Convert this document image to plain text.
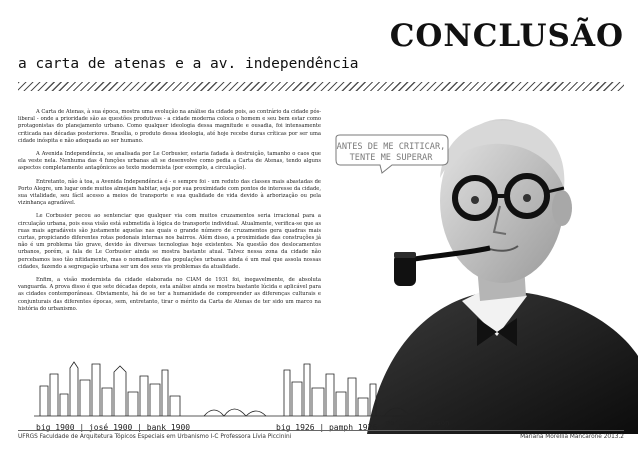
CONCLUSÃO
a carta de atenas e a av. independência

A Carta de Atenas, à sua época, mostra uma evolução na análise da cidade pois, ao contrário da cidade pós-liberal - onde a prioridade são as questões produtivas - a cidade moderna coloca o homem e seu bem estar como protagonistas do planejamento urbano. Como qualquer ideologia dessa magnitude e ousadia, foi intensamente criticada nas décadas posteriores. Brasília, o produto dessa ideologia, até hoje recebe duras críticas por ser uma cidade inóspita e não adequada ao ser humano.

A Avenida Independência, se analisada por Le Corbusier, estaria fadada à destruição, tamanho o caos que ela veste nela. Nenhuma das 4 funções urbanas ali se desenvolve como pedia a Carta de Atenas, tendo alguns aspectos completamente antagônicos ao texto modernista (por exemplo, a circulação).

Entretanto, não à toa, a Avenida Independência é - e sempre foi - um reduto das classes mais abastadas de Porto Alegre, um lugar onde muitos almejam habitar, seja por sua proximidade com pontos de interesse da cidade, sua vitalidade, seu fácil acesso a meios de transporte e sua qualidade de vida devido à arborização ou pela vizinhança agradável.

Le Corbusier pecou ao sentenciar que qualquer via com muitos cruzamentos seria irracional para a circulação urbana, pois essa visão está submetida à lógica do transporte individual. Atualmente, verifica-se que as ruas mais agradáveis são justamente aquelas nas quais o grande número de cruzamentos gera quadras mais curtas, propiciando diferentes rotas pedonais internas nos bairros. Além disso, a proximidade das construções já não é um problema tão grave, devido às diversas tecnologias hoje existentes. Na questão dos deslocamentos urbanos, porém, a fala de Le Corbusier ainda se mostra bastante atual. Talvez nessa zona da cidade não percebamos isso tão nitidamente, mas o nomadismo das populações urbanas ainda é um mal que assola nossas cidades, fazendo a segregação urbana ser um dos seus vis problemas da atualidade.

Enfim, a visão modernista da cidade elaborada no CIAM de 1931 foi, inegavelmente, de absoluta vanguarda. A prova disso é que sete décadas depois, esta análise ainda se mostra bastante lúcida e aplicável para as cidades contemporâneas. Obviamente, há de se ter a humanidade de compreender as diferenças culturais e conjunturais das diferentes épocas, sem, entretanto, tirar o mérito da Carta de Atenas de ter sido um marco na história do urbanismo.

ANTES DE ME CRITICAR,
TENTE ME SUPERAR
big 1900 | josé 1900 | bank 1900	big 1926 | pamph 1926 morgan • person
UFRGS Faculdade de Arquitetura Tópicos Especiais em Urbanismo I-C Professora Lívia Piccinini	Mariana Morellia Mancarone 2013.2
